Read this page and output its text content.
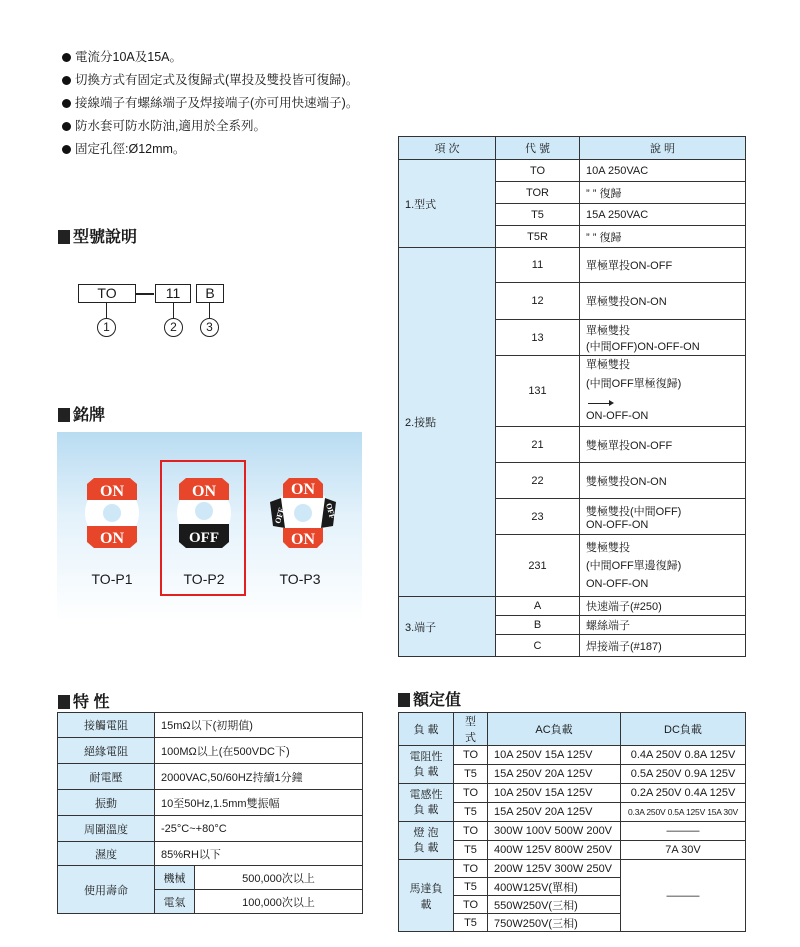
電流分10A及15A。
切換方式有固定式及復歸式(單投及雙投皆可復歸)。
接線端子有螺絲端子及焊接端子(亦可用快速端子)。
防水套可防水防油,適用於全系列。
固定孔徑:Ø12mm。
型號說明
TO	11	B
1	2	3
銘牌
ON
ON
ON
OFF
ON
ON
OFF	OFF
TO-P1	TO-P2	TO-P3
項 次	代 號	說 明
1.型式	TO	10A 250VAC
	TOR	” ” 復歸
	T5	15A 250VAC
	T5R	” ” 復歸
2.接點	11	單極單投ON-OFF
	12	單極雙投ON-ON
	13	單極雙投
(中間OFF)ON-OFF-ON

	131	單極雙投
(中間OFF單極復歸)
ON-OFF-ON

	21	雙極單投ON-OFF
	22	雙極雙投ON-ON
	23	雙極雙投(中間OFF)
ON-OFF-ON

	231	雙極雙投
(中間OFF單邊復歸)
ON-OFF-ON

3.端子	A	快速端子(#250)
	B	螺絲端子
	C	焊接端子(#187)
特 性
接觸電阻	15mΩ以下(初期值)	
絕緣電阻	100MΩ以上(在500VDC下)	
耐電壓	2000VAC,50/60HZ持續1分鐘	
振動	10至50Hz,1.5mm雙振幅	
周圍溫度	-25°C~+80°C	
濕度	85%RH以下	
使用壽命	機械	500,000次以上
	電氣	100,000次以上
額定值
負 載	型 式	AC負載	DC負載

電阻性
負 載	TO	10A 250V 15A 125V	0.4A 250V 0.8A 125V
	T5	15A 250V 20A 125V	0.5A 250V 0.9A 125V

電感性
負 載	TO	10A 250V 15A 125V	0.2A 250V 0.4A 125V
	T5	15A 250V 20A 125V	0.3A 250V 0.5A 125V 15A 30V

燈 泡
負 載	TO	300W 100V 500W 200V	———
	T5	400W 125V 800W 250V	7A 30V
馬達負載	TO	200W 125V 300W 250V	———
	T5	400W125V(單相)	
	TO	550W250V(三相)	
	T5	750W250V(三相)	
